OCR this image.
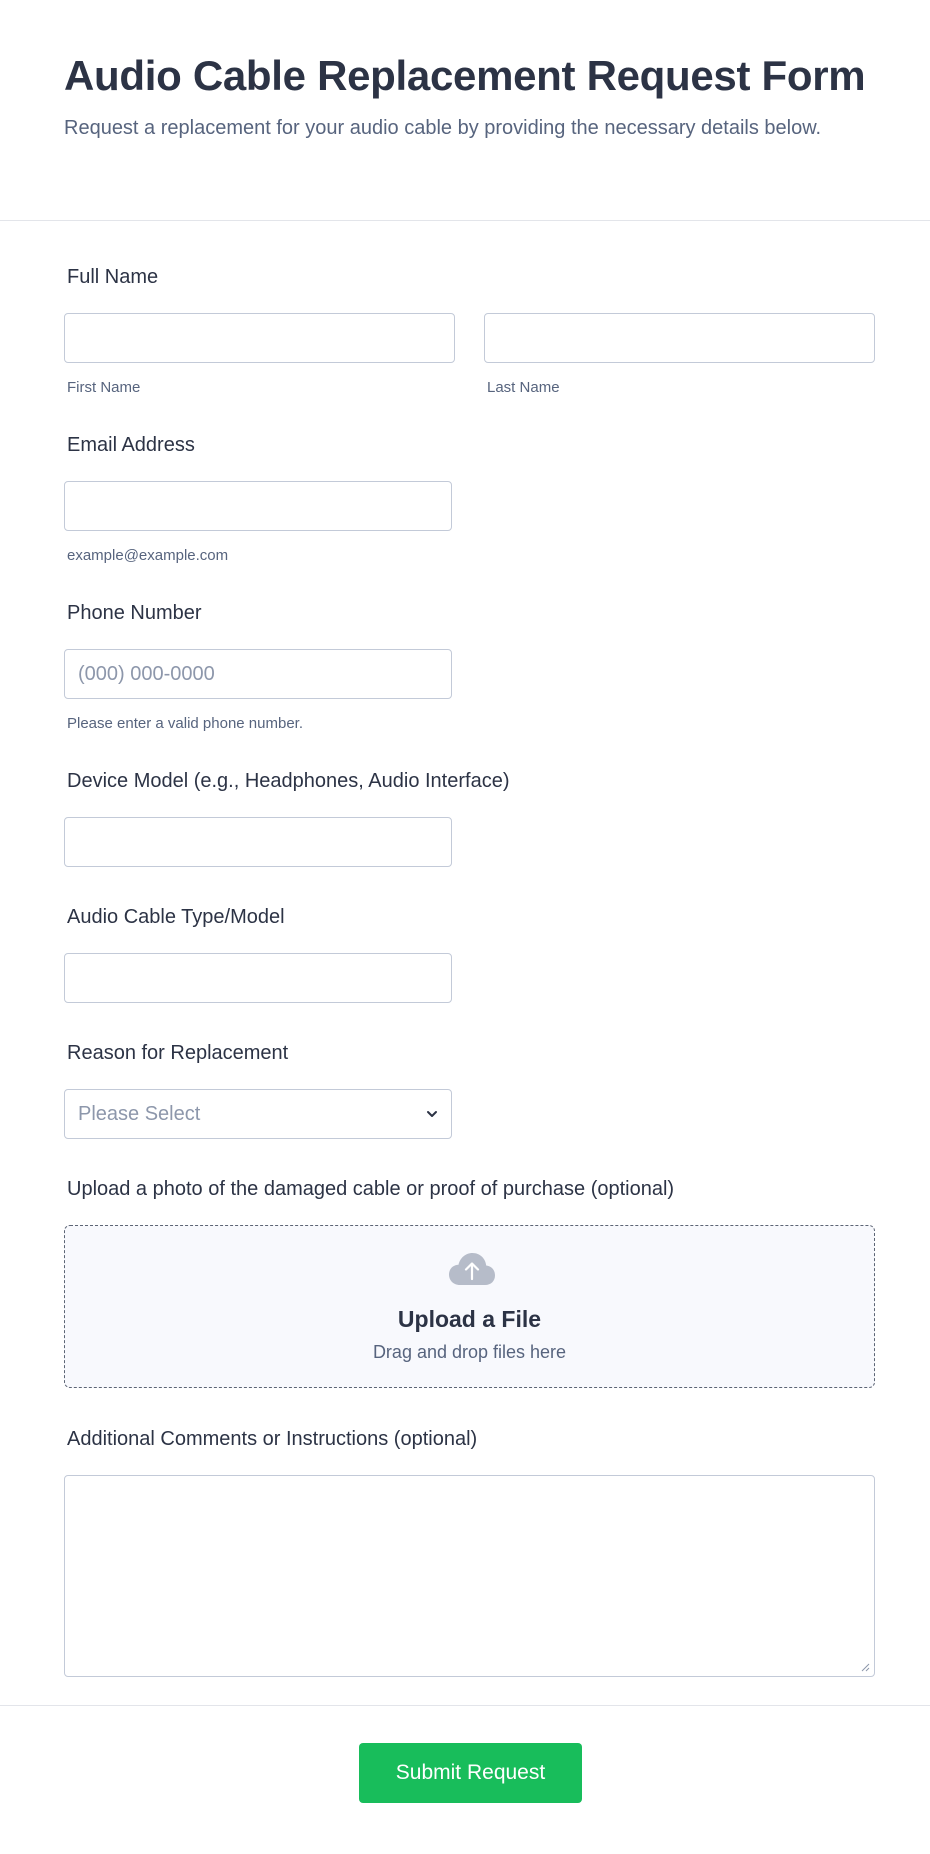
Audio Cable Replacement Request Form

Request a replacement for your audio cable by providing the necessary details below.

Full Name
First Name	Last Name
Email Address
example@example.com
Phone Number
(000) 000-0000
Please enter a valid phone number.
Device Model (e.g., Headphones, Audio Interface)
Audio Cable Type/Model
Reason for Replacement
Please Select
Upload a photo of the damaged cable or proof of purchase (optional)
Upload a File
Drag and drop files here
Additional Comments or Instructions (optional)
Submit Request
